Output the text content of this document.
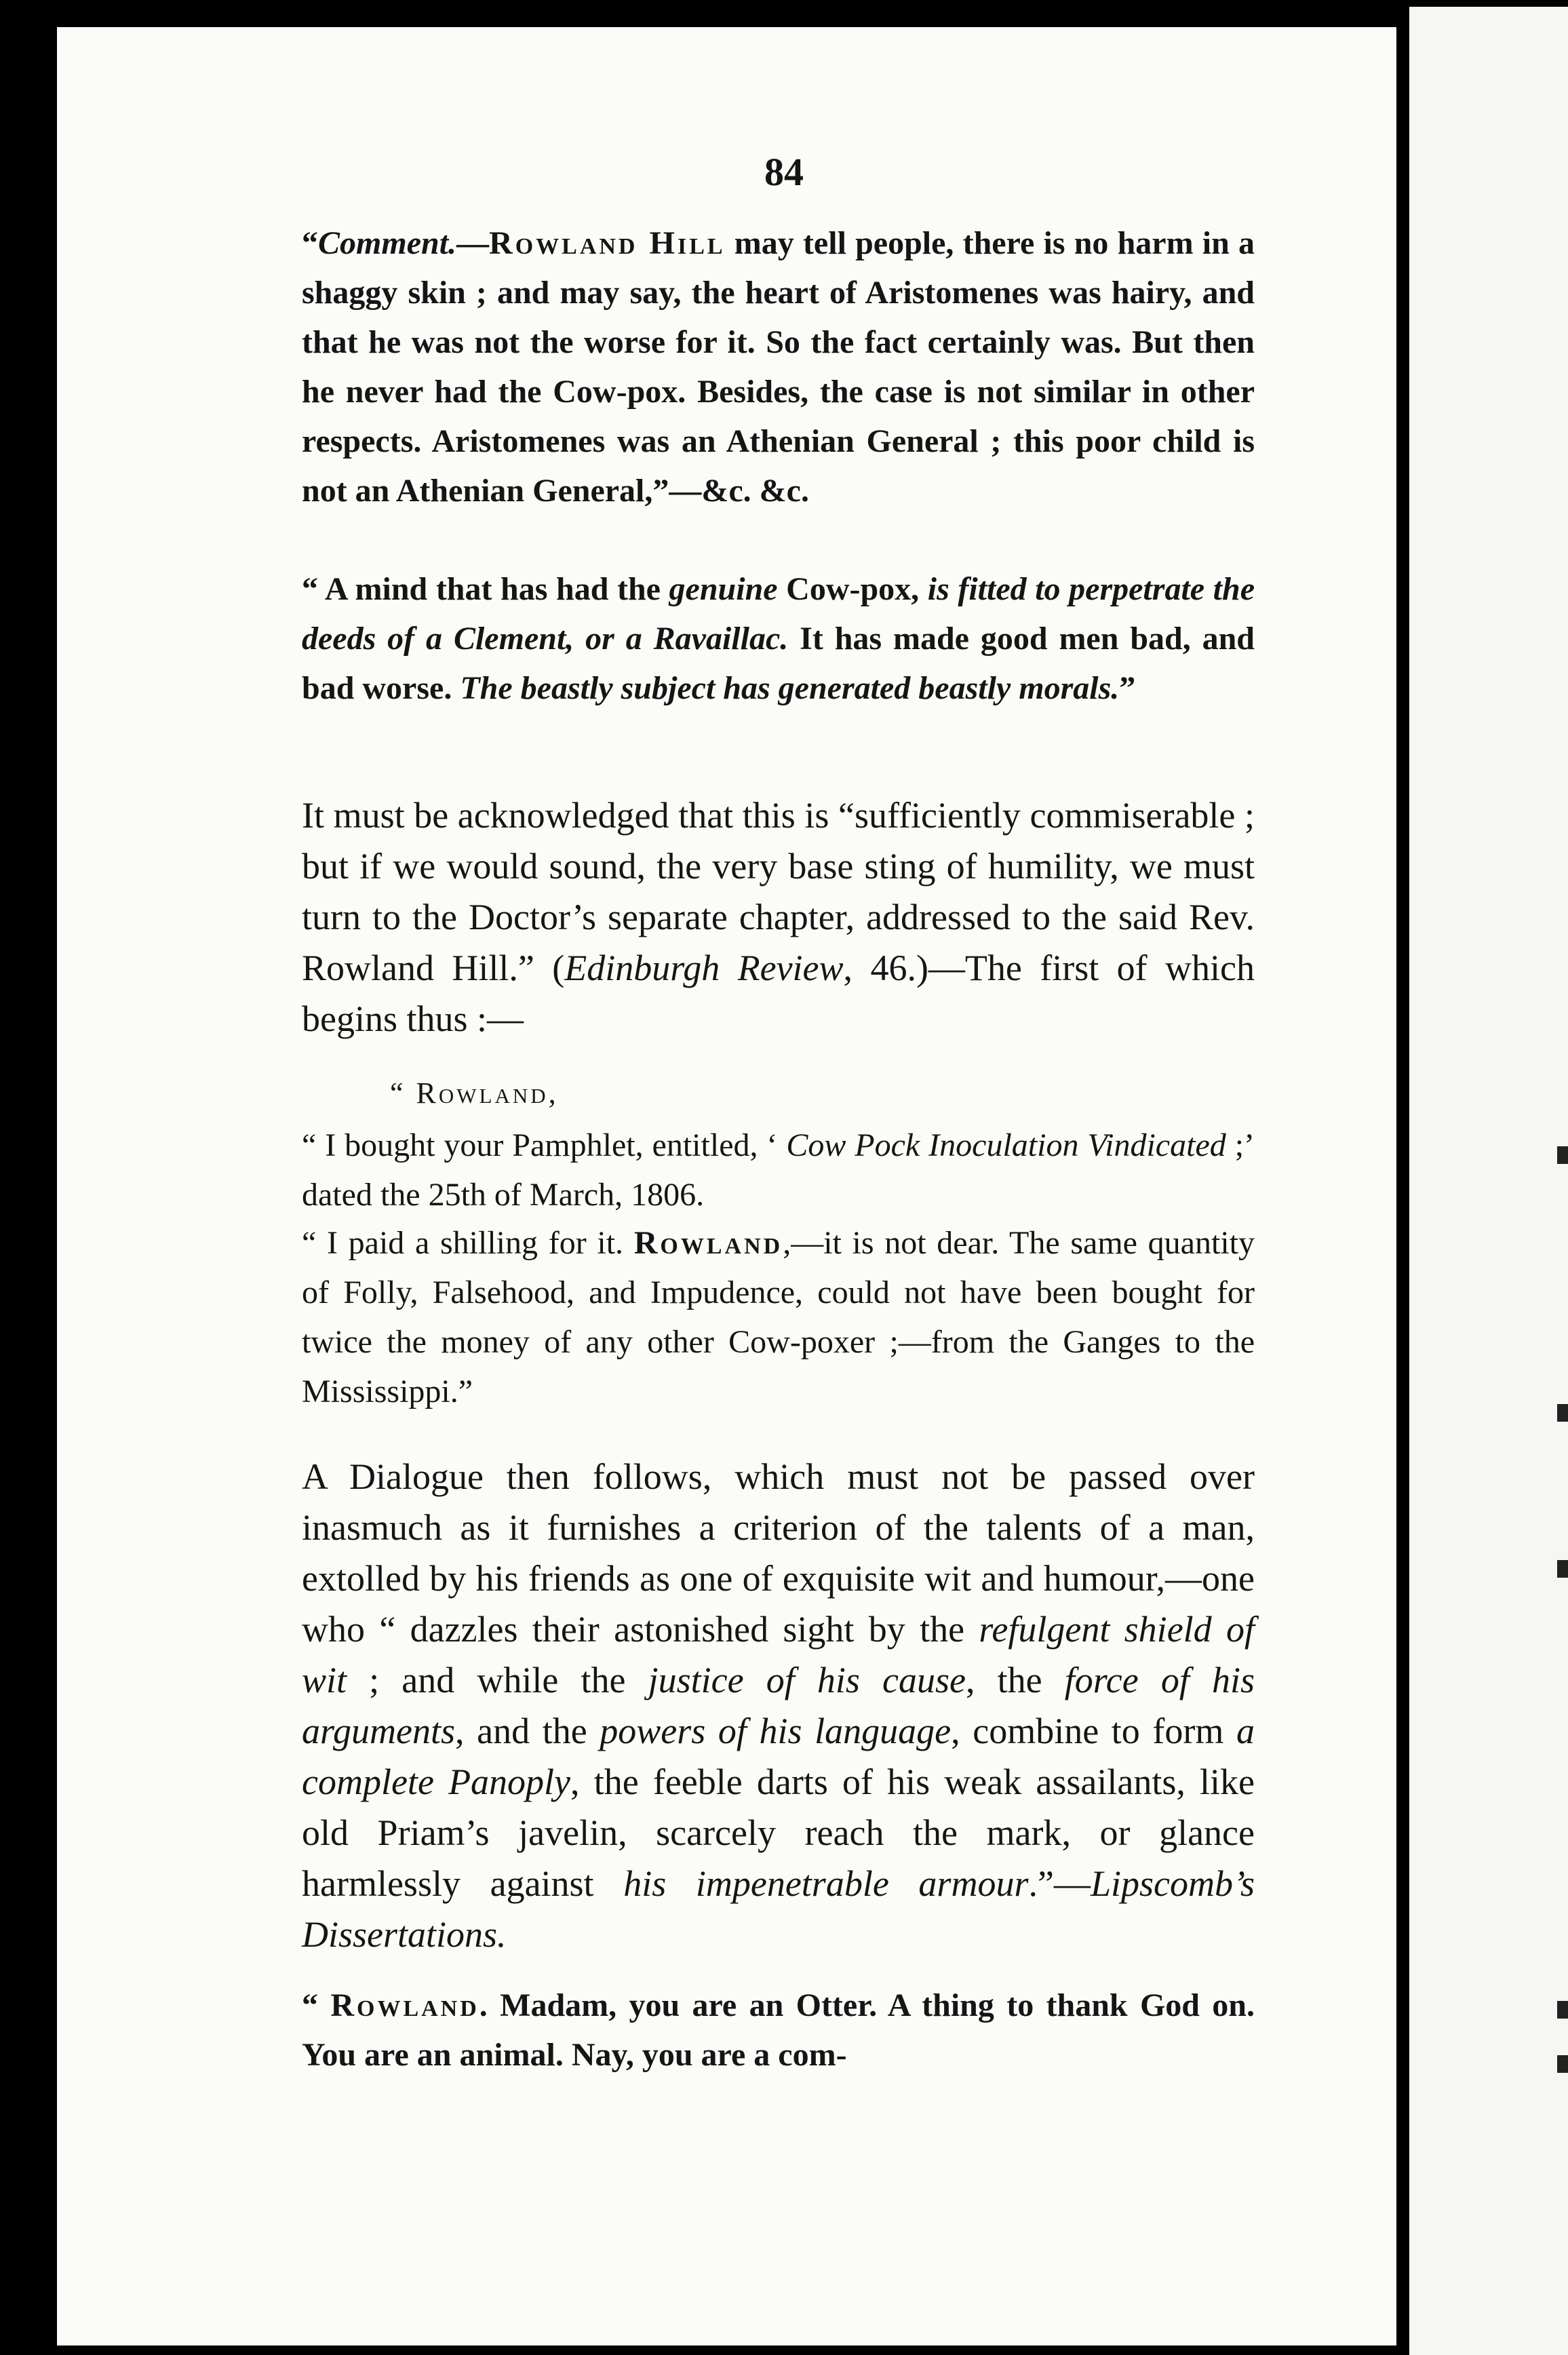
84

“Comment.—Rowland Hill may tell people, there is no harm in a shaggy skin ; and may say, the heart of Aristomenes was hairy, and that he was not the worse for it. So the fact certainly was. But then he never had the Cow-pox. Besides, the case is not similar in other respects. Aristomenes was an Athenian General ; this poor child is not an Athenian General,”—&c. &c.

“ A mind that has had the genuine Cow-pox, is fitted to perpetrate the deeds of a Clement, or a Ravaillac. It has made good men bad, and bad worse. The beastly subject has generated beastly morals.”

It must be acknowledged that this is “sufficiently commiserable ; but if we would sound, the very base sting of humility, we must turn to the Doctor’s separate chapter, addressed to the said Rev. Rowland Hill.” (Edinburgh Review, 46.)—The first of which begins thus :—

“ Rowland,

“ I bought your Pamphlet, entitled, ‘ Cow Pock Inoculation Vindicated ;’ dated the 25th of March, 1806.

“ I paid a shilling for it. Rowland,—it is not dear. The same quantity of Folly, Falsehood, and Impudence, could not have been bought for twice the money of any other Cow-poxer ;—from the Ganges to the Mississippi.”

A Dialogue then follows, which must not be passed over inasmuch as it furnishes a criterion of the talents of a man, extolled by his friends as one of exquisite wit and humour,—one who “ dazzles their astonished sight by the refulgent shield of wit ; and while the justice of his cause, the force of his arguments, and the powers of his language, combine to form a complete Panoply, the feeble darts of his weak assailants, like old Priam’s javelin, scarcely reach the mark, or glance harmlessly against his impenetrable armour.”—Lipscomb’s Dissertations.

“ Rowland. Madam, you are an Otter. A thing to thank God on. You are an animal. Nay, you are a com-
